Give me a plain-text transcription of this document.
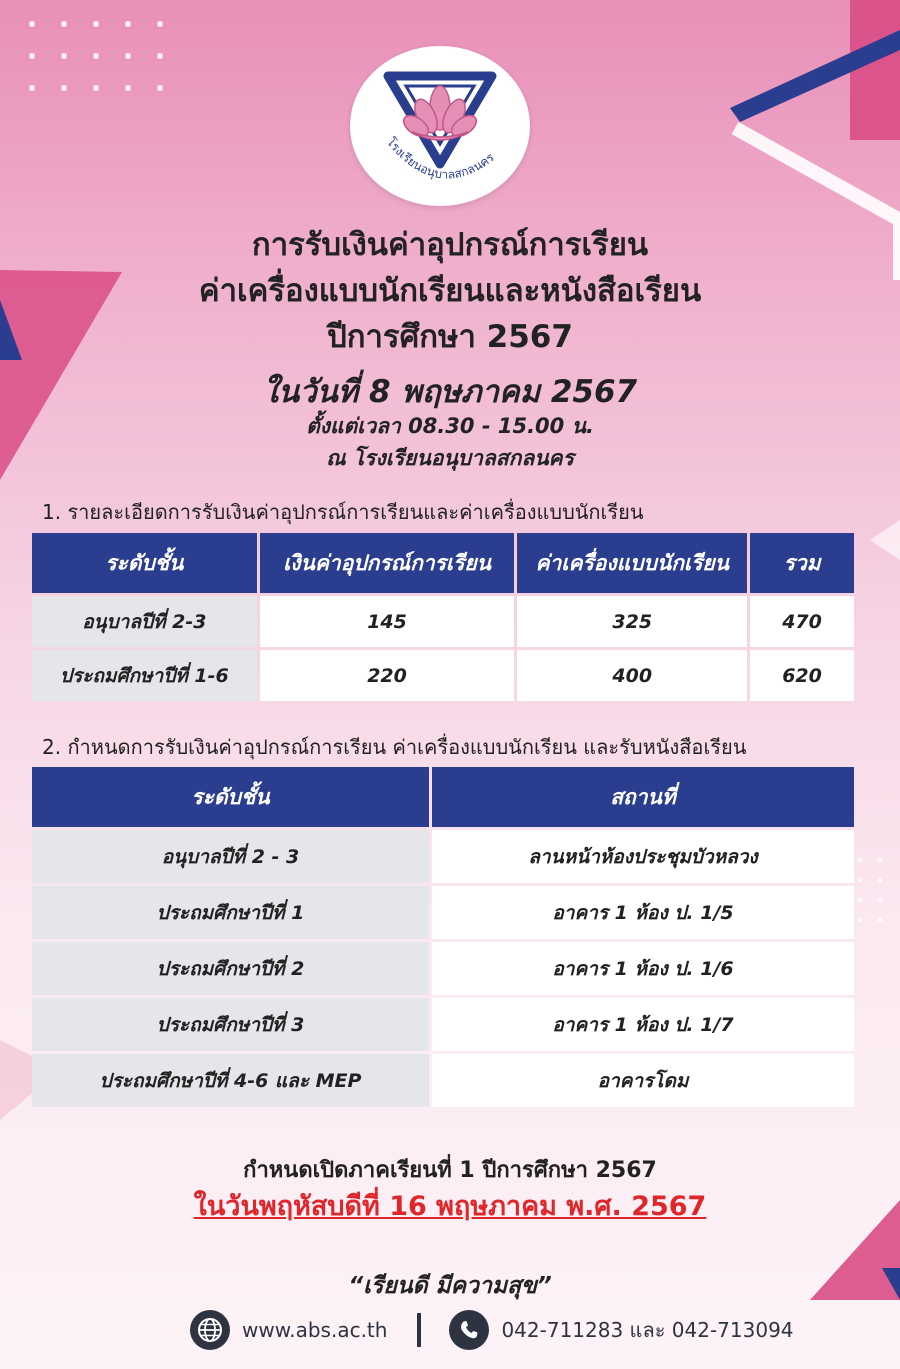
โรงเรียนอนุบาลสกลนคร
การรับเงินค่าอุปกรณ์การเรียน
ค่าเครื่องแบบนักเรียนและหนังสือเรียน
ปีการศึกษา 2567
ในวันที่ 8 พฤษภาคม 2567
ตั้งแต่เวลา 08.30 - 15.00 น.
ณ โรงเรียนอนุบาลสกลนคร
1. รายละเอียดการรับเงินค่าอุปกรณ์การเรียนและค่าเครื่องแบบนักเรียน
ระดับชั้น	เงินค่าอุปกรณ์การเรียน	ค่าเครื่องแบบนักเรียน	รวม
อนุบาลปีที่ 2-3	145	325	470
ประถมศึกษาปีที่ 1-6	220	400	620
2. กำหนดการรับเงินค่าอุปกรณ์การเรียน ค่าเครื่องแบบนักเรียน และรับหนังสือเรียน
ระดับชั้น	สถานที่
อนุบาลปีที่ 2 - 3	ลานหน้าห้องประชุมบัวหลวง
ประถมศึกษาปีที่ 1	อาคาร 1 ห้อง ป. 1/5
ประถมศึกษาปีที่ 2	อาคาร 1 ห้อง ป. 1/6
ประถมศึกษาปีที่ 3	อาคาร 1 ห้อง ป. 1/7
ประถมศึกษาปีที่ 4-6 และ MEP	อาคารโดม
กำหนดเปิดภาคเรียนที่ 1 ปีการศึกษา 2567
ในวันพฤหัสบดีที่ 16 พฤษภาคม พ.ศ. 2567
“เรียนดี มีความสุข”
www.abs.ac.th	042-711283 และ 042-713094
